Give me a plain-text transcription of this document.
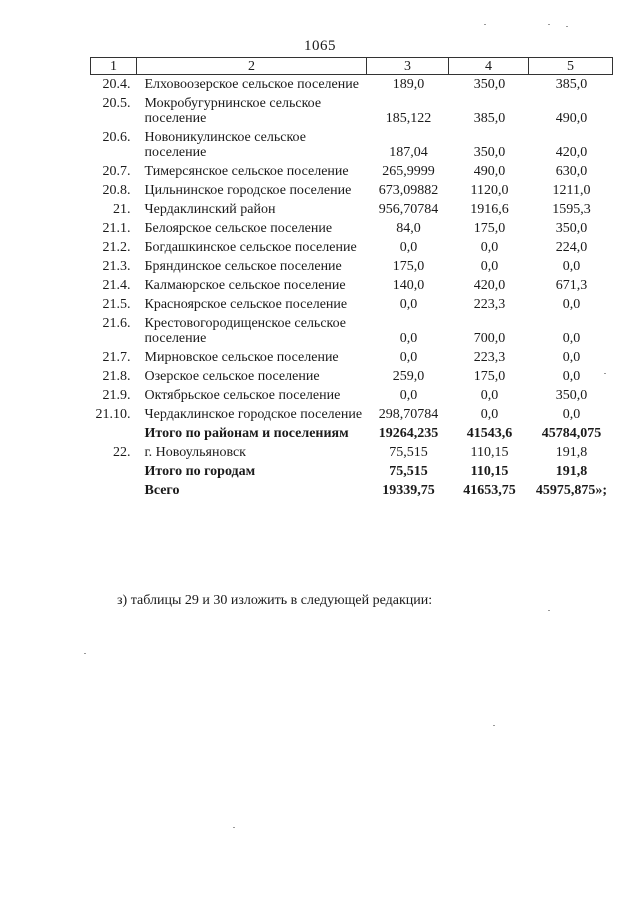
1065
1	2	3	4	5
20.4.	Елховоозерское сельское поселение	189,0	350,0	385,0
20.5.	Мокробугурнинское сельское поселение	185,122	385,0	490,0
20.6.	Новоникулинское сельское поселение	187,04	350,0	420,0
20.7.	Тимерсянское сельское поселение	265,9999	490,0	630,0
20.8.	Цильнинское городское поселение	673,09882	1120,0	1211,0
21.	Чердаклинский район	956,70784	1916,6	1595,3
21.1.	Белоярское сельское поселение	84,0	175,0	350,0
21.2.	Богдашкинское сельское поселение	0,0	0,0	224,0
21.3.	Бряндинское сельское поселение	175,0	0,0	0,0
21.4.	Калмаюрское сельское поселение	140,0	420,0	671,3
21.5.	Красноярское сельское поселение	0,0	223,3	0,0
21.6.	Крестовогородищенское сельское поселение	0,0	700,0	0,0
21.7.	Мирновское сельское поселение	0,0	223,3	0,0
21.8.	Озерское сельское поселение	259,0	175,0	0,0
21.9.	Октябрьское сельское поселение	0,0	0,0	350,0
21.10.	Чердаклинское городское поселение	298,70784	0,0	0,0
	Итого по районам и поселениям	19264,235	41543,6	45784,075
22.	г. Новоульяновск	75,515	110,15	191,8
	Итого по городам	75,515	110,15	191,8
	Всего	19339,75	41653,75	45975,875»;
з) таблицы 29 и 30 изложить в следующей редакции:
